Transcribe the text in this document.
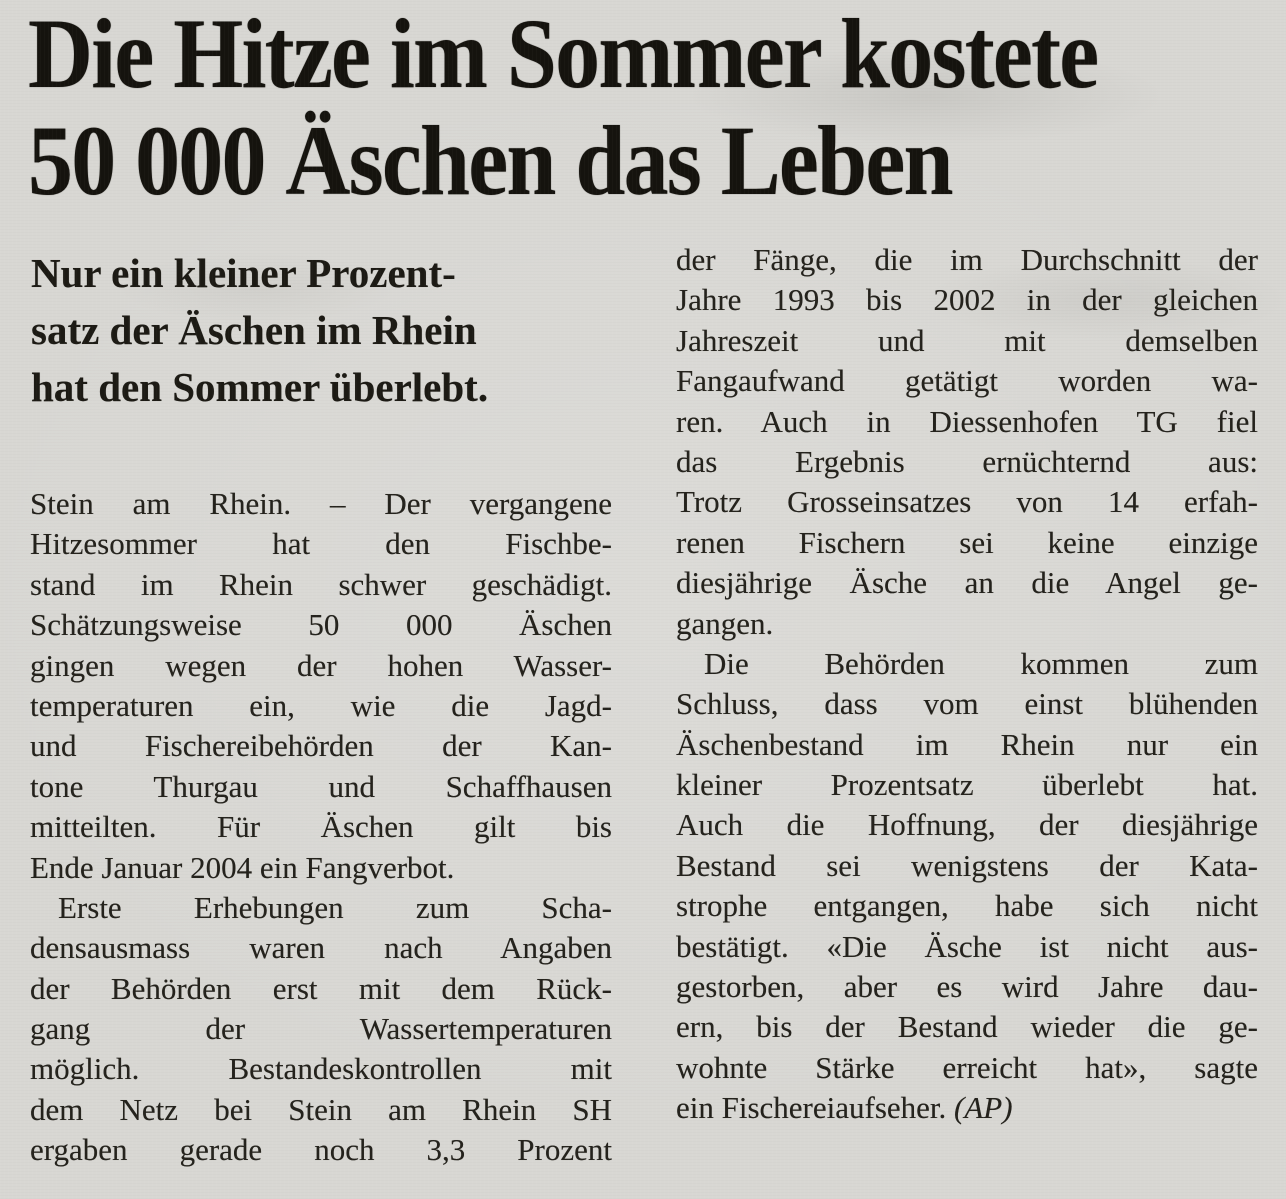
Die Hitze im Sommer kostete
50 000 Äschen das Leben
Nur ein kleiner Prozent-
satz der Äschen im Rhein
hat den Sommer überlebt.
Stein am Rhein. – Der vergangene
Hitzesommer hat den Fischbe-
stand im Rhein schwer geschädigt.
Schätzungsweise 50 000 Äschen
gingen wegen der hohen Wasser-
temperaturen ein, wie die Jagd-
und Fischereibehörden der Kan-
tone Thurgau und Schaffhausen
mitteilten. Für Äschen gilt bis
Ende Januar 2004 ein Fangverbot.
Erste Erhebungen zum Scha-
densausmass waren nach Angaben
der Behörden erst mit dem Rück-
gang der Wassertemperaturen
möglich. Bestandeskontrollen mit
dem Netz bei Stein am Rhein SH
ergaben gerade noch 3,3 Prozent
der Fänge, die im Durchschnitt der
Jahre 1993 bis 2002 in der gleichen
Jahreszeit und mit demselben
Fangaufwand getätigt worden wa-
ren. Auch in Diessenhofen TG fiel
das Ergebnis ernüchternd aus:
Trotz Grosseinsatzes von 14 erfah-
renen Fischern sei keine einzige
diesjährige Äsche an die Angel ge-
gangen.
Die Behörden kommen zum
Schluss, dass vom einst blühenden
Äschenbestand im Rhein nur ein
kleiner Prozentsatz überlebt hat.
Auch die Hoffnung, der diesjährige
Bestand sei wenigstens der Kata-
strophe entgangen, habe sich nicht
bestätigt. «Die Äsche ist nicht aus-
gestorben, aber es wird Jahre dau-
ern, bis der Bestand wieder die ge-
wohnte Stärke erreicht hat», sagte
ein Fischereiaufseher. (AP)
